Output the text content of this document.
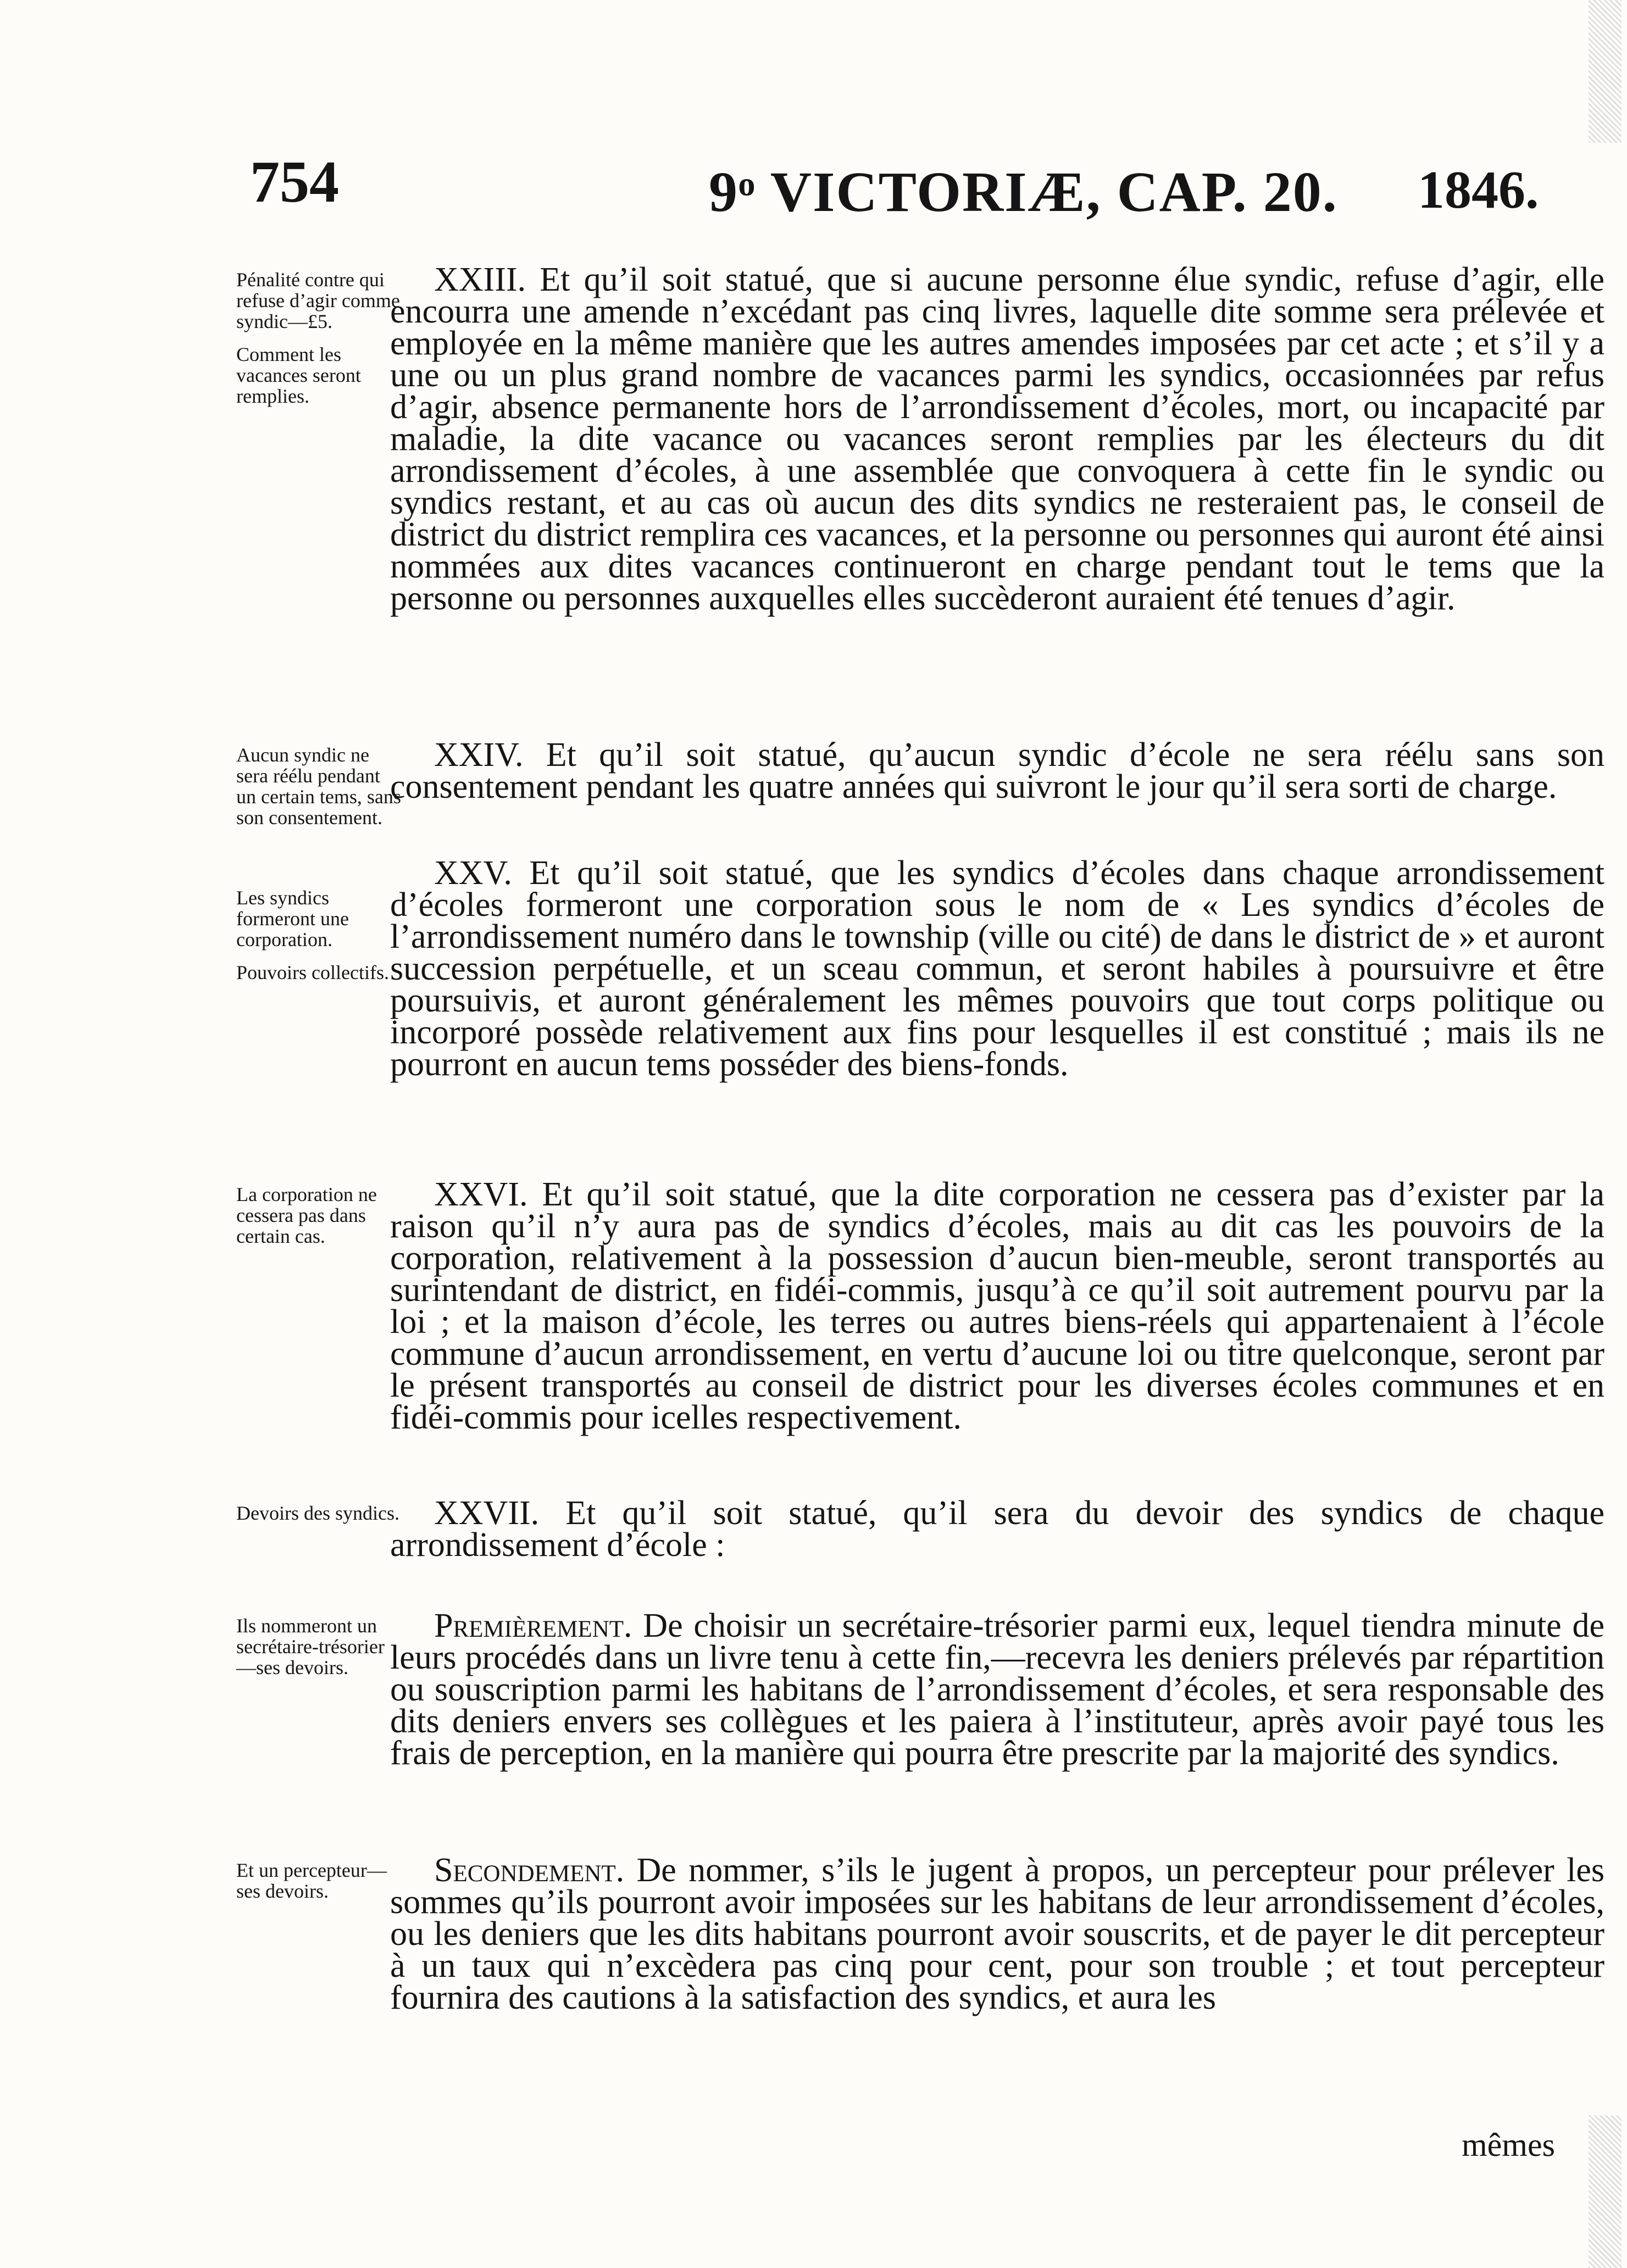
754	9ᵒ VICTORIÆ, CAP. 20. 1846.
Pénalité contre qui refuse d’agir comme syndic—£5.
Comment les vacances seront remplies.
XXIII. Et qu’il soit statué, que si aucune personne élue syndic, refuse d’agir, elle encourra une amende n’excédant pas cinq livres, laquelle dite somme sera prélevée et employée en la même manière que les autres amendes imposées par cet acte ; et s’il y a une ou un plus grand nombre de vacances parmi les syndics, occasionnées par refus d’agir, absence permanente hors de l’arrondissement d’écoles, mort, ou incapacité par maladie, la dite vacance ou vacances seront remplies par les électeurs du dit arrondissement d’écoles, à une assemblée que convoquera à cette fin le syndic ou syndics restant, et au cas où aucun des dits syndics ne resteraient pas, le conseil de district du district remplira ces vacances, et la personne ou personnes qui auront été ainsi nommées aux dites vacances continueront en charge pendant tout le tems que la personne ou personnes auxquelles elles succèderont auraient été tenues d’agir.
Aucun syndic ne sera réélu pendant un certain tems, sans son consentement.
XXIV. Et qu’il soit statué, qu’aucun syndic d’école ne sera réélu sans son consentement pendant les quatre années qui suivront le jour qu’il sera sorti de charge.
Les syndics formeront une corporation.
Pouvoirs collectifs.
XXV. Et qu’il soit statué, que les syndics d’écoles dans chaque arrondissement d’écoles formeront une corporation sous le nom de « Les syndics d’écoles de l’arrondissement numéro dans le township (ville ou cité) de dans le district de » et auront succession perpétuelle, et un sceau commun, et seront habiles à poursuivre et être poursuivis, et auront généralement les mêmes pouvoirs que tout corps politique ou incorporé possède relativement aux fins pour lesquelles il est constitué ; mais ils ne pourront en aucun tems posséder des biens-fonds.
La corporation ne cessera pas dans certain cas.
XXVI. Et qu’il soit statué, que la dite corporation ne cessera pas d’exister par la raison qu’il n’y aura pas de syndics d’écoles, mais au dit cas les pouvoirs de la corporation, relativement à la possession d’aucun bien-meuble, seront transportés au surintendant de district, en fidéi-commis, jusqu’à ce qu’il soit autrement pourvu par la loi ; et la maison d’école, les terres ou autres biens-réels qui appartenaient à l’école commune d’aucun arrondissement, en vertu d’aucune loi ou titre quelconque, seront par le présent transportés au conseil de district pour les diverses écoles communes et en fidéi-commis pour icelles respectivement.
Devoirs des syndics.	XXVII. Et qu’il soit statué, qu’il sera du devoir des syndics de chaque arrondissement d’école :
Ils nommeront un secrétaire-trésorier—ses devoirs.
Premièrement. De choisir un secrétaire-trésorier parmi eux, lequel tiendra minute de leurs procédés dans un livre tenu à cette fin,—recevra les deniers prélevés par répartition ou souscription parmi les habitans de l’arrondissement d’écoles, et sera responsable des dits deniers envers ses collègues et les paiera à l’instituteur, après avoir payé tous les frais de perception, en la manière qui pourra être prescrite par la majorité des syndics.
Et un percepteur—ses devoirs.
Secondement. De nommer, s’ils le jugent à propos, un percepteur pour prélever les sommes qu’ils pourront avoir imposées sur les habitans de leur arrondissement d’écoles, ou les deniers que les dits habitans pourront avoir souscrits, et de payer le dit percepteur à un taux qui n’excèdera pas cinq pour cent, pour son trouble ; et tout percepteur fournira des cautions à la satisfaction des syndics, et aura les
mêmes
